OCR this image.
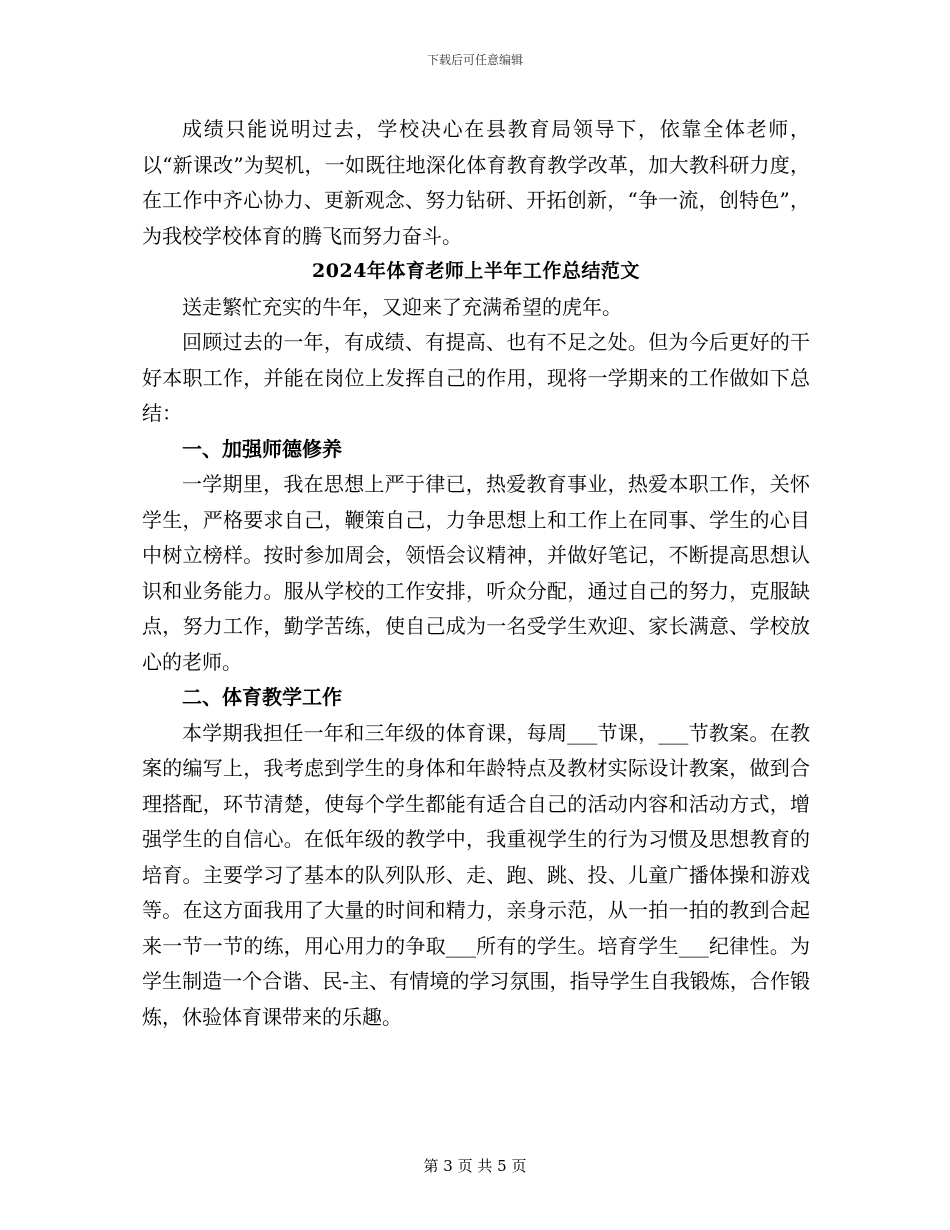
下载后可任意编辑

成绩只能说明过去，学校决心在县教育局领导下，依靠全体老师，以“新课改”为契机，一如既往地深化体育教育教学改革，加大教科研力度，在工作中齐心协力、更新观念、努力钻研、开拓创新，“争一流，创特色”，为我校学校体育的腾飞而努力奋斗。

2024年体育老师上半年工作总结范文

送走繁忙充实的牛年，又迎来了充满希望的虎年。

回顾过去的一年，有成绩、有提高、也有不足之处。但为今后更好的干好本职工作，并能在岗位上发挥自己的作用，现将一学期来的工作做如下总结：

一、加强师德修养

一学期里，我在思想上严于律已，热爱教育事业，热爱本职工作，关怀学生，严格要求自己，鞭策自己，力争思想上和工作上在同事、学生的心目中树立榜样。按时参加周会，领悟会议精神，并做好笔记，不断提高思想认识和业务能力。服从学校的工作安排，听众分配，通过自己的努力，克服缺点，努力工作，勤学苦练，使自己成为一名受学生欢迎、家长满意、学校放心的老师。

二、体育教学工作

本学期我担任一年和三年级的体育课，每周___节课，___节教案。在教案的编写上，我考虑到学生的身体和年龄特点及教材实际设计教案，做到合理搭配，环节清楚，使每个学生都能有适合自己的活动内容和活动方式，增强学生的自信心。在低年级的教学中，我重视学生的行为习惯及思想教育的培育。主要学习了基本的队列队形、走、跑、跳、投、儿童广播体操和游戏等。在这方面我用了大量的时间和精力，亲身示范，从一拍一拍的教到合起来一节一节的练，用心用力的争取___所有的学生。培育学生___纪律性。为学生制造一个合谐、民-主、有情境的学习氛围，指导学生自我锻炼，合作锻炼，休验体育课带来的乐趣。

第 3 页 共 5 页
